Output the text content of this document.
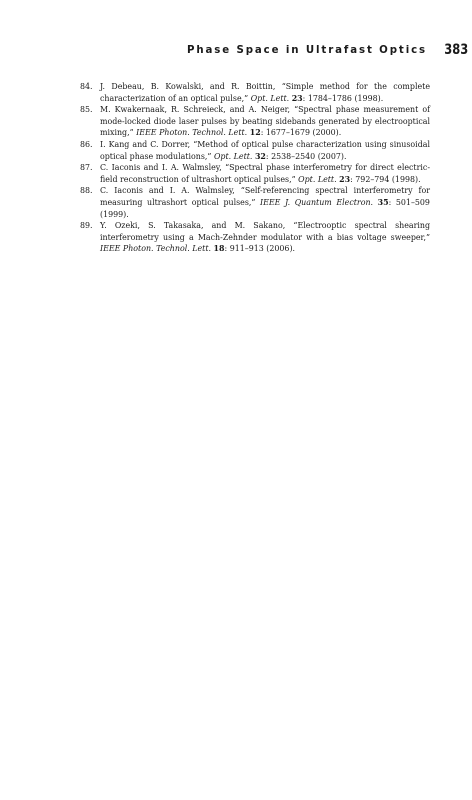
Phase Space in Ultrafast Optics 383

84. J. Debeau, B. Kowalski, and R. Boittin, “Simple method for the complete characterization of an optical pulse,” Opt. Lett. 23: 1784–1786 (1998).

85. M. Kwakernaak, R. Schreieck, and A. Neiger, “Spectral phase measurement of mode-locked diode laser pulses by beating sidebands generated by electrooptical mixing,” IEEE Photon. Technol. Lett. 12: 1677–1679 (2000).

86. I. Kang and C. Dorrer, “Method of optical pulse characterization using sinusoidal optical phase modulations,” Opt. Lett. 32: 2538–2540 (2007).

87. C. Iaconis and I. A. Walmsley, “Spectral phase interferometry for direct electric-field reconstruction of ultrashort optical pulses,” Opt. Lett. 23: 792–794 (1998).

88. C. Iaconis and I. A. Walmsley, “Self-referencing spectral interferometry for measuring ultrashort optical pulses,” IEEE J. Quantum Electron. 35: 501–509 (1999).

89. Y. Ozeki, S. Takasaka, and M. Sakano, “Electrooptic spectral shearing interferometry using a Mach-Zehnder modulator with a bias voltage sweeper,” IEEE Photon. Technol. Lett. 18: 911–913 (2006).
